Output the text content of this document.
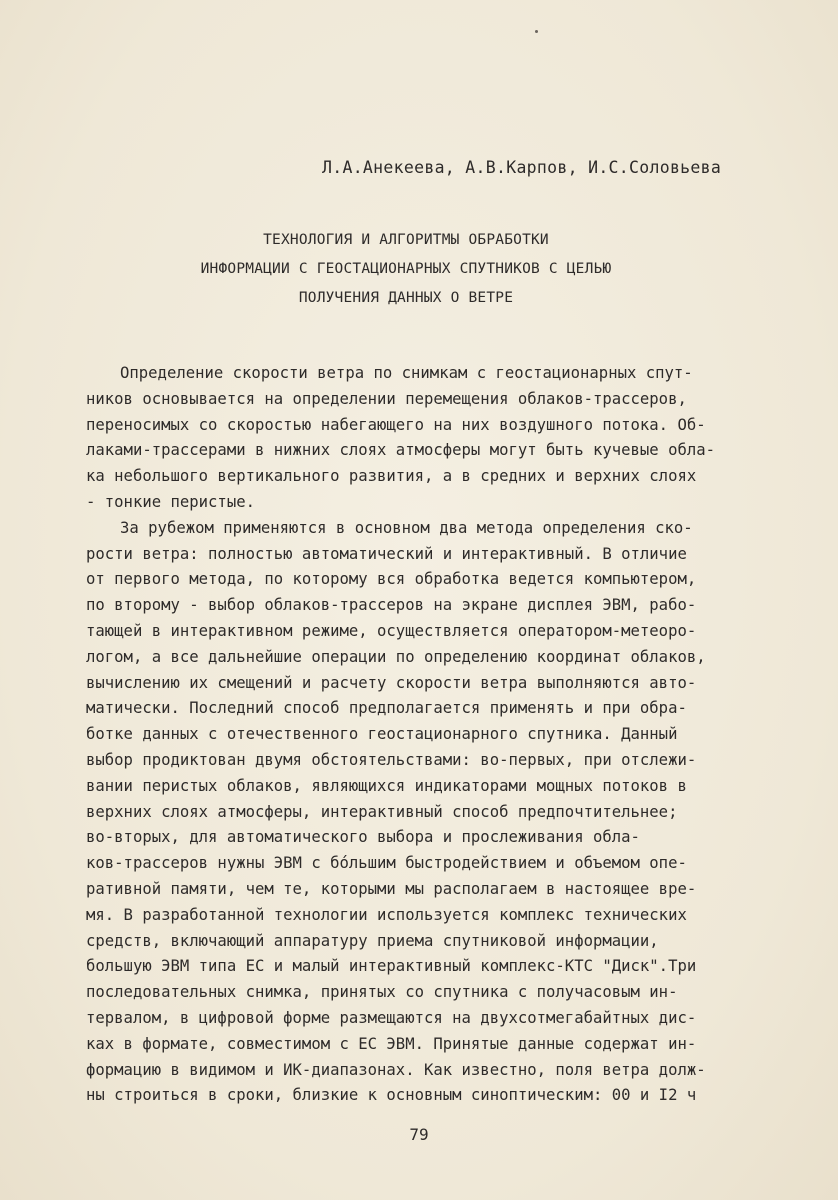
Л.А.Анекеева, А.В.Карпов, И.С.Соловьева
ТЕХНОЛОГИЯ И АЛГОРИТМЫ ОБРАБОТКИ
ИНФОРМАЦИИ С ГЕОСТАЦИОНАРНЫХ СПУТНИКОВ С ЦЕЛЬЮ
ПОЛУЧЕНИЯ ДАННЫХ О ВЕТРЕ
Определение скорости ветра по снимкам с геостационарных спут-
ников основывается на определении перемещения облаков-трассеров,
переносимых со скоростью набегающего на них воздушного потока. Об-
лаками-трассерами в нижних слоях атмосферы могут быть кучевые обла-
ка небольшого вертикального развития, а в средних и верхних слоях
- тонкие перистые.
За рубежом применяются в основном два метода определения ско-
рости ветра: полностью автоматический и интерактивный. В отличие
от первого метода, по которому вся обработка ведется компьютером,
по второму - выбор облаков-трассеров на экране дисплея ЭВМ, рабо-
тающей в интерактивном режиме, осуществляется оператором-метеоро-
логом, а все дальнейшие операции по определению координат облаков,
вычислению их смещений и расчету скорости ветра выполняются авто-
матически. Последний способ предполагается применять и при обра-
ботке данных с отечественного геостационарного спутника. Данный
выбор продиктован двумя обстоятельствами: во-первых, при отслежи-
вании перистых облаков, являющихся индикаторами мощных потоков в
верхних слоях атмосферы, интерактивный способ предпочтительнее;
во-вторых, для автоматического выбора и прослеживания обла-
ков-трассеров нужны ЭВМ с бо́льшим быстродействием и объемом опе-
ративной памяти, чем те, которыми мы располагаем в настоящее вре-
мя. В разработанной технологии используется комплекс технических
средств, включающий аппаратуру приема спутниковой информации,
большую ЭВМ типа ЕС и малый интерактивный комплекс-КТС "Диск".Три
последовательных снимка, принятых со спутника с получасовым ин-
тервалом, в цифровой форме размещаются на двухсотмегабайтных дис-
ках в формате, совместимом с ЕС ЭВМ. Принятые данные содержат ин-
формацию в видимом и ИК-диапазонах. Как известно, поля ветра долж-
ны строиться в сроки, близкие к основным синоптическим: 00 и I2 ч
79
